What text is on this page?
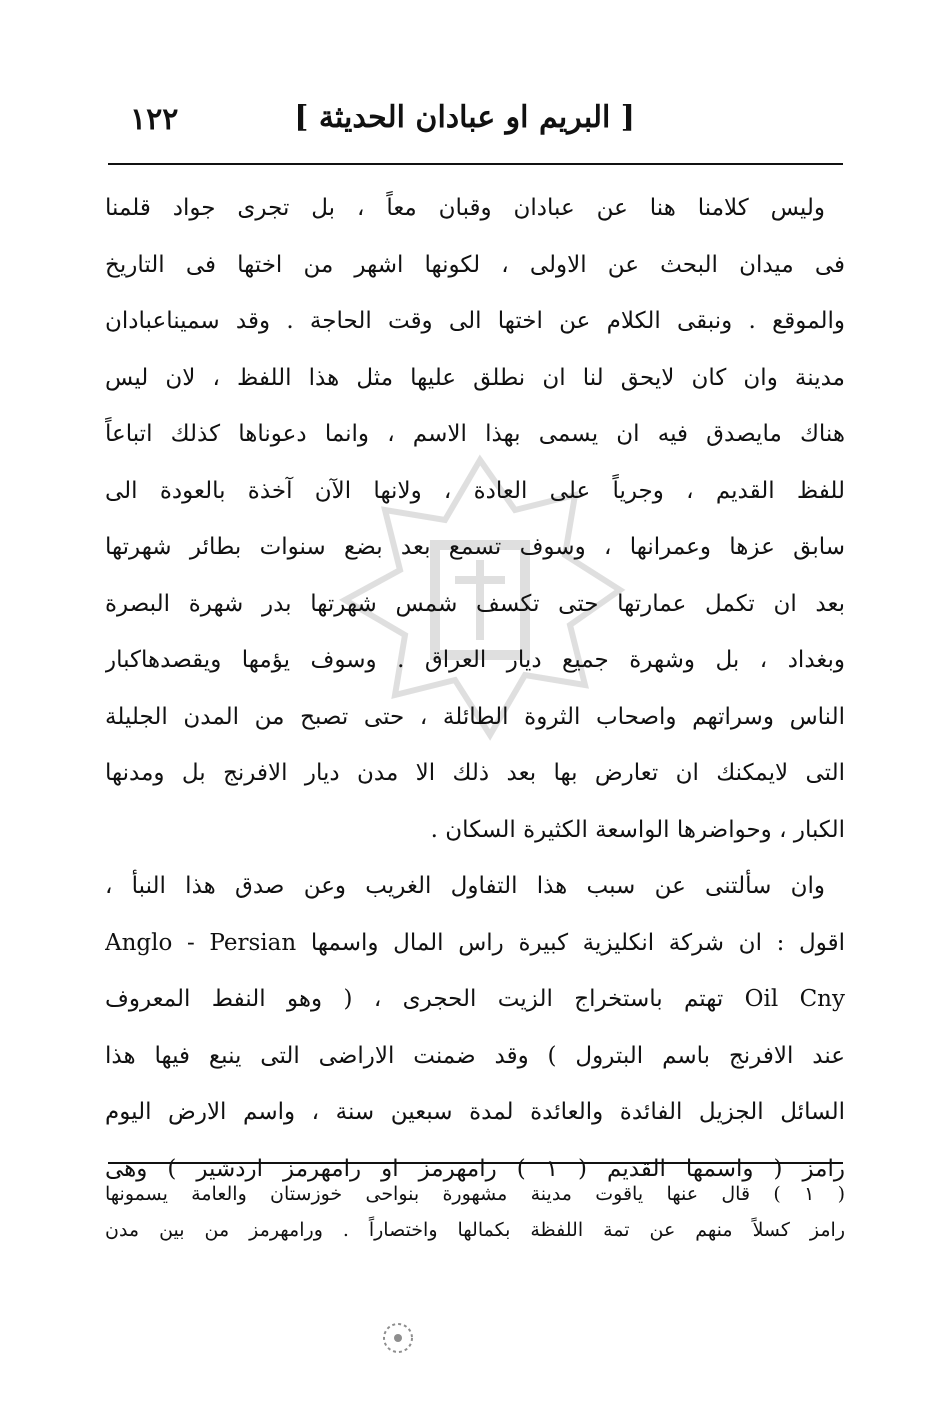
١٢٢	[ البريم او عبادان الحديثة ]
وليس كلامنا هنا عن عبادان وقبان معاً ، بل تجرى جواد قلمنا
فى ميدان البحث عن الاولى ، لكونها اشهر من اختها فى التاريخ
والموقع . ونبقى الكلام عن اختها الى وقت الحاجة . وقد سميناعبادان
مدينة وان كان لايحق لنا ان نطلق عليها مثل هذا اللفظ ، لان ليس
هناك مايصدق فيه ان يسمى بهذا الاسم ، وانما دعوناها كذلك اتباعاً
للفظ القديم ، وجرياً على العادة ، ولانها الآن آخذة بالعودة الى
سابق عزها وعمرانها ، وسوف تسمع بعد بضع سنوات بطائر شهرتها
بعد ان تكمل عمارتها حتى تكسف شمس شهرتها بدر شهرة البصرة
وبغداد ، بل وشهرة جميع ديار العراق . وسوف يؤمها ويقصدهاكبار
الناس وسراتهم واصحاب الثروة الطائلة ، حتى تصبح من المدن الجليلة
التى لايمكنك ان تعارض بها بعد ذلك الا مدن ديار الافرنج بل ومدنها
الكبار ، وحواضرها الواسعة الكثيرة السكان .
وان سألتنى عن سبب هذا التفاول الغريب وعن صدق هذا النبأ ،
اقول : ان شركة انكليزية كبيرة راس المال واسمها Anglo - Persian
Oil Cny تهتم باستخراج الزيت الحجرى ، ( وهو النفط المعروف
عند الافرنج باسم البترول ) وقد ضمنت الاراضى التى ينبع فيها هذا
السائل الجزيل الفائدة والعائدة لمدة سبعين سنة ، واسم الارض اليوم
رامز ( واسمها القديم ( ١ ) رامهرمز او رامهرمز اردشير ) وهى
( ١ ) قال عنها ياقوت مدينة مشهورة بنواحى خوزستان والعامة يسمونها
رامز كسلاً منهم عن تمة اللفظة بكمالها واختصاراً . ورامهرمز من بين مدن
